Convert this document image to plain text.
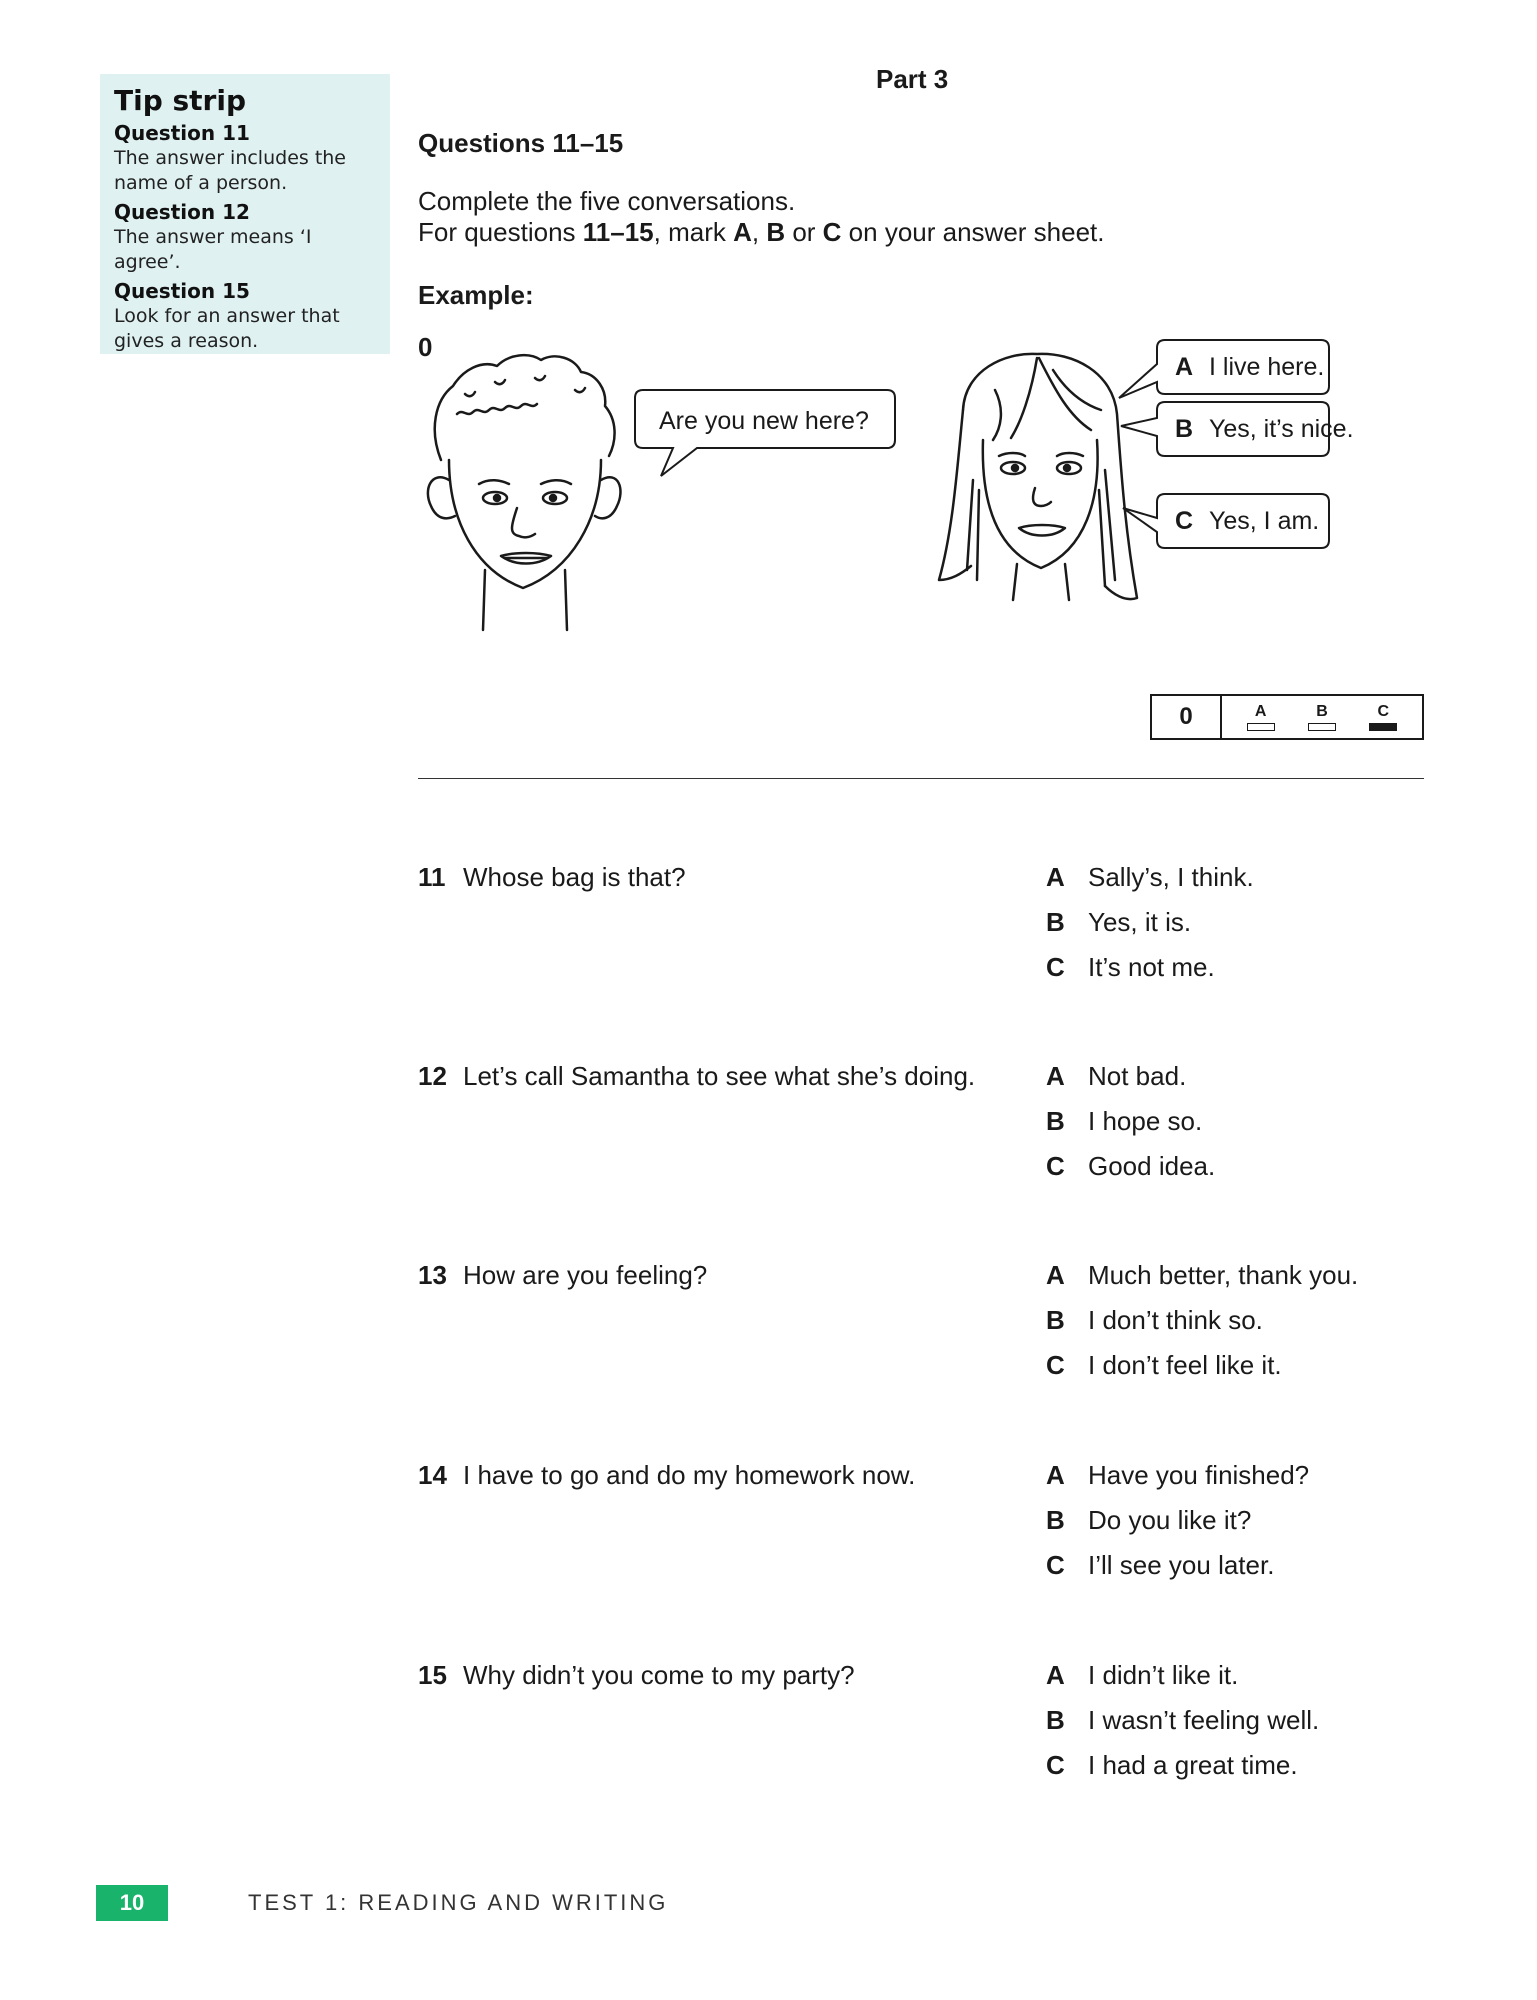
Tip strip
Question 11
The answer includes the
name of a person.
Question 12
The answer means ‘I agree’.
Question 15
Look for an answer that
gives a reason.
Part 3
Questions 11–15
Complete the five conversations.
For questions 11–15, mark A, B or C on your answer sheet.
Example:
0
Are you new here?
A I live here.
B Yes, it’s nice.
C Yes, I am.
0	A	B	C
11 Whose bag is that?	A Sally’s, I think.
B Yes, it is.
C It’s not me.
12 Let’s call Samantha to see what she’s doing.	A Not bad.
B I hope so.
C Good idea.
13 How are you feeling?	A Much better, thank you.
B I don’t think so.
C I don’t feel like it.
14 I have to go and do my homework now.	A Have you finished?
B Do you like it?
C I’ll see you later.
15 Why didn’t you come to my party?	A I didn’t like it.
B I wasn’t feeling well.
C I had a great time.
10	TEST 1: READING AND WRITING
